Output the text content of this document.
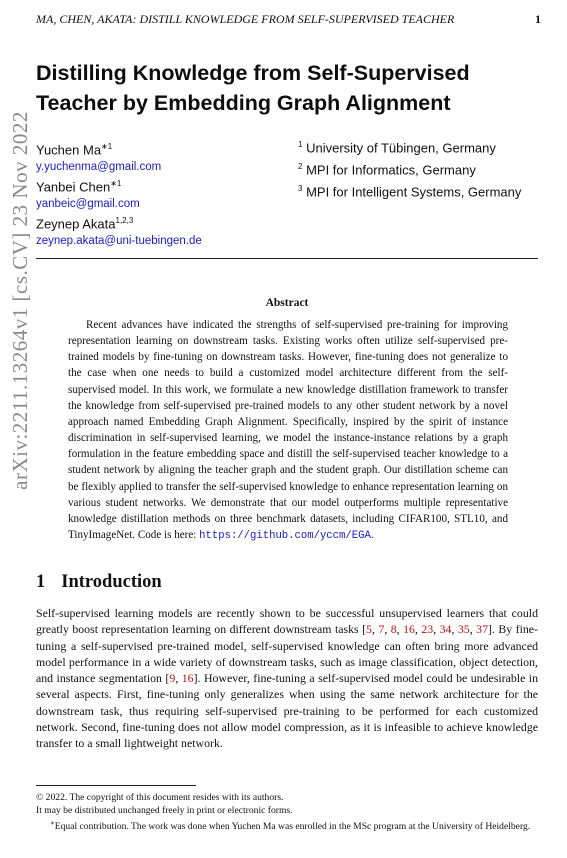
MA, CHEN, AKATA: DISTILL KNOWLEDGE FROM SELF-SUPERVISED TEACHER	1
arXiv:2211.13264v1 [cs.CV] 23 Nov 2022
Distilling Knowledge from Self-Supervised
Teacher by Embedding Graph Alignment
Yuchen $Ma^{∗1}$
y.yuchenma@gmail.com
Yanbei Chen$^{∗1}$
yanbeic@gmail.com
Zeynep Akata$^{1,2,3}$
zeynep.akata@uni-tuebingen.de
$^1$ University of Tübingen, Germany
$^2$ MPI for Informatics, Germany
$^3$ MPI for Intelligent Systems, Germany
Abstract
Recent advances have indicated the strengths of self-supervised pre-training for improving representation learning on downstream tasks. Existing works often utilize self-supervised pre-trained models by fine-tuning on downstream tasks. However, fine-tuning does not generalize to the case when one needs to build a customized model architecture different from the self-supervised model. In this work, we formulate a new knowledge distillation framework to transfer the knowledge from self-supervised pre-trained models to any other student network by a novel approach named Embedding Graph Alignment. Specifically, inspired by the spirit of instance discrimination in self-supervised learning, we model the instance-instance relations by a graph formulation in the feature embedding space and distill the self-supervised teacher knowledge to a student network by aligning the teacher graph and the student graph. Our distillation scheme can be flexibly applied to transfer the self-supervised knowledge to enhance representation learning on various student networks. We demonstrate that our model outperforms multiple representative knowledge distillation methods on three benchmark datasets, including CIFAR100, STL10, and TinyImageNet. Code is here: https://github.com/yccm/EGA.
1 Introduction
Self-supervised learning models are recently shown to be successful unsupervised learners that could greatly boost representation learning on different downstream tasks [5, 7, 8, 16, 23, 34, 35, 37]. By fine-tuning a self-supervised pre-trained model, self-supervised knowledge can often bring more advanced model performance in a wide variety of downstream tasks, such as image classification, object detection, and instance segmentation [9, 16]. However, fine-tuning a self-supervised model could be undesirable in several aspects. First, fine-tuning only generalizes when using the same network architecture for the downstream task, thus requiring self-supervised pre-training to be performed for each customized network. Second, fine-tuning does not allow model compression, as it is infeasible to achieve knowledge transfer to a small lightweight network.
© 2022. The copyright of this document resides with its authors.
It may be distributed unchanged freely in print or electronic forms.
∗Equal contribution. The work was done when Yuchen Ma was enrolled in the MSc program at the University of Heidelberg.
